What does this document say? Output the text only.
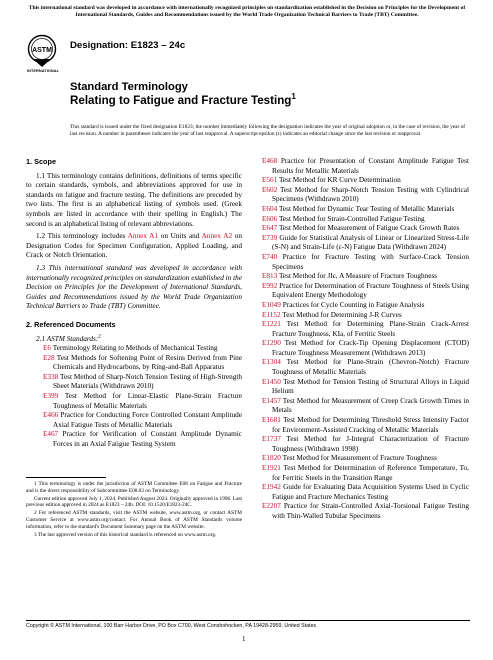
This international standard was developed in accordance with internationally recognized principles on standardization established in the Decision on Principles for the Development of International Standards, Guides and Recommendations issued by the World Trade Organization Technical Barriers to Trade (TBT) Committee.
ASTM
INTERNATIONAL
Designation: E1823 – 24c
Standard Terminology
Relating to Fatigue and Fracture Testing$^1$
This standard is issued under the fixed designation E1823; the number immediately following the designation indicates the year of original adoption or, in the case of revision, the year of last revision. A number in parentheses indicates the year of last reapproval. A superscript epsilon (ε) indicates an editorial change since the last revision or reapproval.
1. Scope

1.1 This terminology contains definitions, definitions of terms specific to certain standards, symbols, and abbreviations approved for use in standards on fatigue and fracture testing. The definitions are preceded by two lists. The first is an alphabetical listing of symbols used. (Greek symbols are listed in accordance with their spelling in English.) The second is an alphabetical listing of relevant abbreviations.

1.2 This terminology includes Annex A1 on Units and Annex A2 on Designation Codes for Specimen Configuration, Applied Loading, and Crack or Notch Orientation.

1.3 This international standard was developed in accordance with internationally recognized principles on standardization established in the Decision on Principles for the Development of International Standards, Guides and Recommendations issued by the World Trade Organization Technical Barriers to Trade (TBT) Committee.

2. Referenced Documents

2.1 ASTM Standards:$^2$

E6 Terminology Relating to Methods of Mechanical Testing

E28 Test Methods for Softening Point of Resins Derived from Pine Chemicals and Hydrocarbons, by Ring-and-Ball Apparatus

E338 Test Method of Sharp-Notch Tension Testing of High-Strength Sheet Materials (Withdrawn 2010)

E399 Test Method for Linear-Elastic Plane-Strain Fracture Toughness of Metallic Materials

E466 Practice for Conducting Force Controlled Constant Amplitude Axial Fatigue Tests of Metallic Materials

E467 Practice for Verification of Constant Amplitude Dynamic Forces in an Axial Fatigue Testing System

E468 Practice for Presentation of Constant Amplitude Fatigue Test Results for Metallic Materials

E561 Test Method for KR Curve Determination

E602 Test Method for Sharp-Notch Tension Testing with Cylindrical Specimens (Withdrawn 2010)

E604 Test Method for Dynamic Tear Testing of Metallic Materials

E606 Test Method for Strain-Controlled Fatigue Testing

E647 Test Method for Measurement of Fatigue Crack Growth Rates

E739 Guide for Statistical Analysis of Linear or Linearized Stress-Life (S-N) and Strain-Life (ε-N) Fatigue Data (Withdrawn 2024)

E740 Practice for Fracture Testing with Surface-Crack Tension Specimens

E813 Test Method for JIc, A Measure of Fracture Toughness

E992 Practice for Determination of Fracture Toughness of Steels Using Equivalent Energy Methodology

E1049 Practices for Cycle Counting in Fatigue Analysis

E1152 Test Method for Determining J-R Curves

E1221 Test Method for Determining Plane-Strain Crack-Arrest Fracture Toughness, KIa, of Ferritic Steels

E1290 Test Method for Crack-Tip Opening Displacement (CTOD) Fracture Toughness Measurement (Withdrawn 2013)

E1304 Test Method for Plane-Strain (Chevron-Notch) Fracture Toughness of Metallic Materials

E1450 Test Method for Tension Testing of Structural Alloys in Liquid Helium

E1457 Test Method for Measurement of Creep Crack Growth Times in Metals

E1681 Test Method for Determining Threshold Stress Intensity Factor for Environment-Assisted Cracking of Metallic Materials

E1737 Test Method for J-Integral Characterization of Fracture Toughness (Withdrawn 1998)

E1820 Test Method for Measurement of Fracture Toughness

E1921 Test Method for Determination of Reference Temperature, To, for Ferritic Steels in the Transition Range

E1942 Guide for Evaluating Data Acquisition Systems Used in Cyclic Fatigue and Fracture Mechanics Testing

E2207 Practice for Strain-Controlled Axial-Torsional Fatigue Testing with Thin-Walled Tubular Specimens

1 This terminology is under the jurisdiction of ASTM Committee E08 on Fatigue and Fracture and is the direct responsibility of Subcommittee E08.02 on Terminology.

Current edition approved July 1, 2024. Published August 2024. Originally approved in 1996. Last previous edition approved in 2024 as E1823 – 24b. DOI: 10.1520/E1823-24C.

2 For referenced ASTM standards, visit the ASTM website, www.astm.org, or contact ASTM Customer Service at www.astm.org/contact. For Annual Book of ASTM Standards volume information, refer to the standard's Document Summary page on the ASTM website.

3 The last approved version of this historical standard is referenced on www.astm.org.

Copyright © ASTM International, 100 Barr Harbor Drive, PO Box C700, West Conshohocken, PA 19428-2959. United States
1
